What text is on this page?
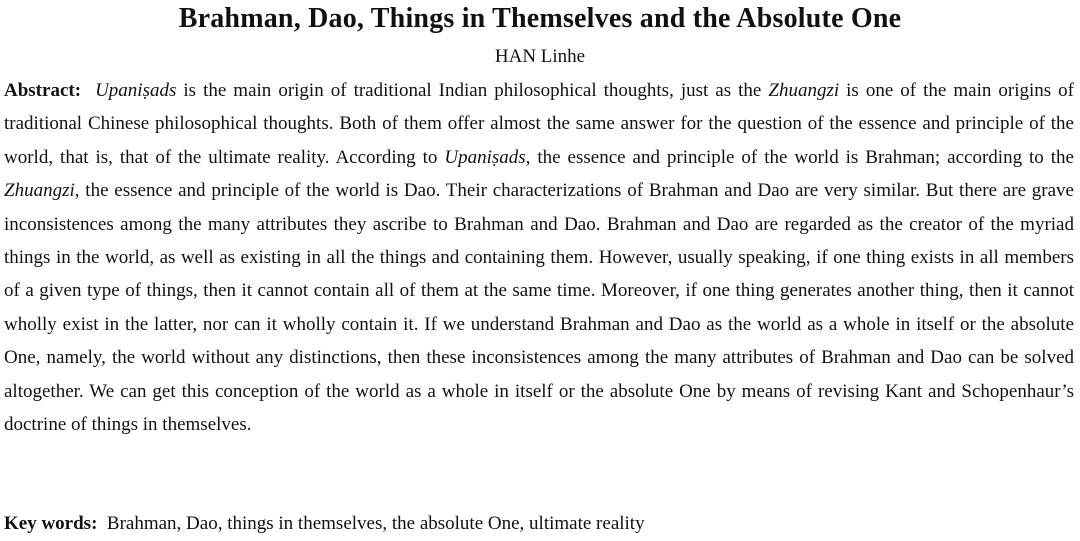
Brahman, Dao, Things in Themselves and the Absolute One
HAN Linhe

Abstract: Upaniṣads is the main origin of traditional Indian philosophical thoughts, just as the Zhuangzi is one of the main origins of traditional Chinese philosophical thoughts. Both of them offer almost the same answer for the question of the essence and principle of the world, that is, that of the ultimate reality. According to Upaniṣads, the essence and principle of the world is Brahman; according to the Zhuangzi, the essence and principle of the world is Dao. Their characterizations of Brahman and Dao are very similar. But there are grave inconsistences among the many attributes they ascribe to Brahman and Dao. Brahman and Dao are regarded as the creator of the myriad things in the world, as well as existing in all the things and containing them. However, usually speaking, if one thing exists in all members of a given type of things, then it cannot contain all of them at the same time. Moreover, if one thing generates another thing, then it cannot wholly exist in the latter, nor can it wholly contain it. If we understand Brahman and Dao as the world as a whole in itself or the absolute One, namely, the world without any distinctions, then these inconsistences among the many attributes of Brahman and Dao can be solved altogether. We can get this conception of the world as a whole in itself or the absolute One by means of revising Kant and Schopenhaur’s doctrine of things in themselves.

Key words: Brahman, Dao, things in themselves, the absolute One, ultimate reality
